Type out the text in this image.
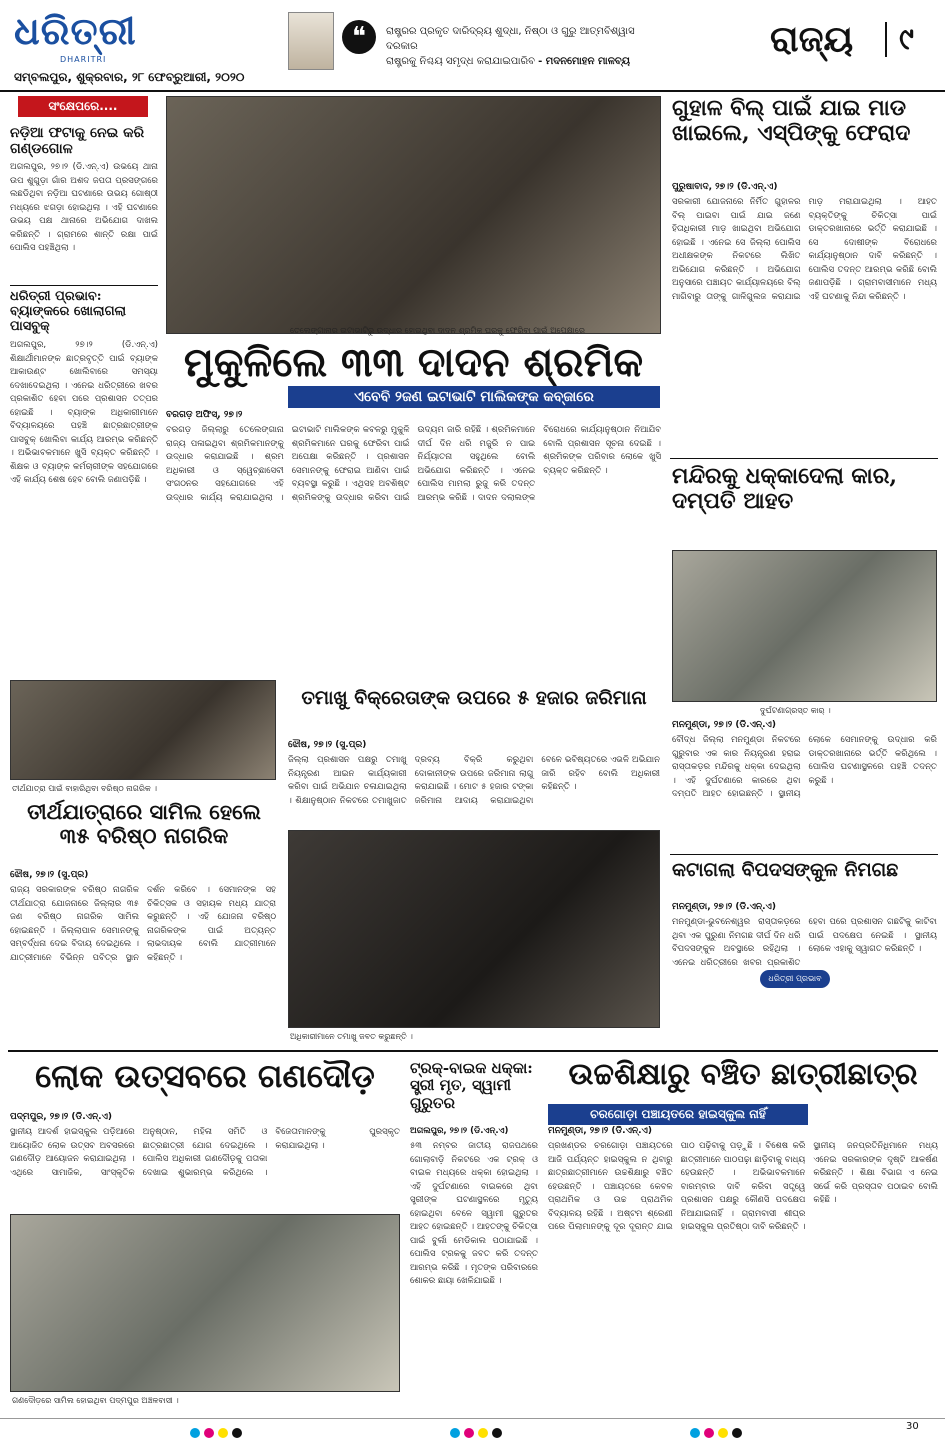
ଧରିତ୍ରୀ
DHARITRI
ସମ୍ବଲପୁର, ଶୁକ୍ରବାର, ୨୮ ଫେବ୍ରୁଆରୀ, ୨୦୨୦
❝	ରାଷ୍ଟ୍ରର ପ୍ରକୃତ ଦାରିଦ୍ର୍ୟ ଶୁଦ୍ଧା, ନିଷ୍ଠା ଓ ଗୁରୁ ଆତ୍ମବିଶ୍ୱାସ ଦରକାର
ରାଷ୍ଟ୍ରକୁ ନିଶ୍ଚୟ ସମୃଦ୍ଧ କରାଯାଇପାରିବ - ମଦନମୋହନ ମାଳବ୍ୟ
ରାଜ୍ୟ	୯
ସଂକ୍ଷେପରେ....
ନଡ଼ିଆ ଫଟାକୁ ନେଇ କରି ଗଣ୍ଡଗୋଳ
ଅଗଲପୁର, ୨୭।୨ (ଡି.ଏନ୍.ଏ) ଉଭୟେ ଥାନା ଉପ ଶୁଗୁଡ଼ା ଗାଁର ଅଶଦ ଜପତା ପ୍ରସଙ୍ଗରେ ଲଛଡିଥିବା ନଡ଼ିଆ ଘଟଣାରେ ଉଭୟ ଗୋଷ୍ଠୀ ମଧ୍ୟରେ ଝଗଡ଼ା ହୋଇଥିଲା । ଏହି ଘଟଣାରେ ଉଭୟ ପକ୍ଷ ଥାନାରେ ଅଭିଯୋଗ ଦାଖଲ କରିଛନ୍ତି । ଗ୍ରାମରେ ଶାନ୍ତି ରକ୍ଷା ପାଇଁ ପୋଲିସ ପହଞ୍ଚିଥିଲା ।
ଧରିତ୍ରୀ ପ୍ରଭାବ: ବ୍ୟାଙ୍କରେ ଖୋଲାଗଲା ପାସବୁକ୍
ଅଗଲପୁର, ୨୭।୨ (ଡି.ଏନ୍.ଏ) ଶିକ୍ଷାର୍ଥୀମାନଙ୍କ ଛାତ୍ରବୃତ୍ତି ପାଇଁ ବ୍ୟାଙ୍କ ଆକାଉଣ୍ଟ ଖୋଲିବାରେ ସମସ୍ୟା ଦେଖାଦେଇଥିଲା । ଏନେଇ ଧରିତ୍ରୀରେ ଖବର ପ୍ରକାଶିତ ହେବା ପରେ ପ୍ରଶାସନ ତତ୍ପର ହୋଇଛି । ବ୍ୟାଙ୍କ ଅଧିକାରୀମାନେ ବିଦ୍ୟାଳୟରେ ପହଞ୍ଚି ଛାତ୍ରଛାତ୍ରୀଙ୍କ ପାସବୁକ୍ ଖୋଲିବା କାର୍ଯ୍ୟ ଆରମ୍ଭ କରିଛନ୍ତି । ଅଭିଭାବକମାନେ ଖୁସି ବ୍ୟକ୍ତ କରିଛନ୍ତି । ଶିକ୍ଷକ ଓ ବ୍ୟାଙ୍କ କର୍ମଚାରୀଙ୍କ ସହଯୋଗରେ ଏହି କାର୍ଯ୍ୟ ଶେଷ ହେବ ବୋଲି ଜଣାପଡ଼ିଛି ।
ତେଲେଙ୍ଗାନାର ଇଟାଭାଟିରୁ ଉଦ୍ଧାର ହୋଇଥିବା ଦାଦନ ଶ୍ରମିକ ଘରକୁ ଫେରିବା ପାଇଁ ଅପେକ୍ଷାରେ
ମୁକୁଳିଲେ ୩୩ ଦାଦନ ଶ୍ରମିକ
ଏବେବି ୨ଜଣ ଇଟାଭାଟି ମାଲିକଙ୍କ କବ୍‌ଜାରେ
ବରଗଡ଼ ଅଫିସ୍, ୨୭।୨
ବରଗଡ଼ ଜିଲ୍ଲାରୁ ତେଲେଙ୍ଗାନା ରାଜ୍ୟ ପଳାଇଥିବା ଶ୍ରମିକମାନଙ୍କୁ ଉଦ୍ଧାର କରାଯାଇଛି । ଶ୍ରମ ଅଧିକାରୀ ଓ ସ୍ୱେଚ୍ଛାସେବୀ ସଂଗଠନର ସହଯୋଗରେ ଏହି ଉଦ୍ଧାର କାର୍ଯ୍ୟ କରାଯାଇଥିଲା । ଇଟାଭାଟି ମାଲିକଙ୍କ କବଳରୁ ମୁକୁଳି ଶ୍ରମିକମାନେ ଘରକୁ ଫେରିବା ପାଇଁ ଅପେକ୍ଷା କରିଛନ୍ତି । ପ୍ରଶାସନ ସେମାନଙ୍କୁ ଫେରାଇ ଆଣିବା ପାଇଁ ବ୍ୟବସ୍ଥା କରୁଛି । ଏଥିସହ ଅବଶିଷ୍ଟ ଶ୍ରମିକଙ୍କୁ ଉଦ୍ଧାର କରିବା ପାଇଁ ଉଦ୍ୟମ ଜାରି ରହିଛି । ଶ୍ରମିକମାନେ ଦୀର୍ଘ ଦିନ ଧରି ମଜୁରି ନ ପାଇ ନିର୍ଯ୍ୟାତନା ସହୁଥିଲେ ବୋଲି ଅଭିଯୋଗ କରିଛନ୍ତି । ଏନେଇ ପୋଲିସ ମାମଲା ରୁଜୁ କରି ତଦନ୍ତ ଆରମ୍ଭ କରିଛି । ଦାଦନ ଦଲାଲଙ୍କ ବିରୋଧରେ କାର୍ଯ୍ୟାନୁଷ୍ଠାନ ନିଆଯିବ ବୋଲି ପ୍ରଶାସନ ସୂଚନା ଦେଇଛି । ଶ୍ରମିକଙ୍କ ପରିବାର ଲୋକେ ଖୁସି ବ୍ୟକ୍ତ କରିଛନ୍ତି ।
ଗୁହାଳ ବିଲ୍ ପାଇଁ ଯାଇ ମାଡ ଖାଇଲେ, ଏସ୍‌ପିଙ୍କୁ ଫେରାଦ
ପୁରୁଷାବାଦ, ୨୭।୨ (ଡି.ଏନ୍.ଏ)
ସରକାରୀ ଯୋଜନାରେ ନିର୍ମିତ ଗୁହାଳର ବିଲ୍ ପାଇବା ପାଇଁ ଯାଇ ଜଣେ ହିତାଧିକାରୀ ମାଡ଼ ଖାଇଥିବା ଅଭିଯୋଗ ହୋଇଛି । ଏନେଇ ସେ ଜିଲ୍ଲା ପୋଲିସ ଅଧୀକ୍ଷକଙ୍କ ନିକଟରେ ଲିଖିତ ଅଭିଯୋଗ କରିଛନ୍ତି । ଅଭିଯୋଗ ଅନୁସାରେ ପଞ୍ଚାୟତ କାର୍ଯ୍ୟାଳୟରେ ବିଲ୍ ମାଗିବାରୁ ତାଙ୍କୁ ଗାଳିଗୁଲଜ କରାଯାଇ ମାଡ଼ ମରାଯାଇଥିଲା । ଆହତ ବ୍ୟକ୍ତିଙ୍କୁ ଚିକିତ୍ସା ପାଇଁ ଡାକ୍ତରଖାନାରେ ଭର୍ତ୍ତି କରାଯାଇଛି । ସେ ଦୋଷୀଙ୍କ ବିରୋଧରେ କାର୍ଯ୍ୟାନୁଷ୍ଠାନ ଦାବି କରିଛନ୍ତି । ପୋଲିସ ତଦନ୍ତ ଆରମ୍ଭ କରିଛି ବୋଲି ଜଣାପଡ଼ିଛି । ଗ୍ରାମବାସୀମାନେ ମଧ୍ୟ ଏହି ଘଟଣାକୁ ନିନ୍ଦା କରିଛନ୍ତି ।
ମନ୍ଦିରକୁ ଧକ୍କାଦେଲା କାର, ଦମ୍ପତି ଆହତ
ଦୁର୍ଘଟଣାଗ୍ରସ୍ତ କାର୍ ।
ମନମୁଣ୍ଡା, ୨୭।୨ (ଡି.ଏନ୍.ଏ)
ବୌଦ୍ଧ ଜିଲ୍ଲା ମନମୁଣ୍ଡା ନିକଟରେ ଗୁରୁବାର ଏକ କାର ନିୟନ୍ତ୍ରଣ ହରାଇ ରାସ୍ତାକଡ଼ର ମନ୍ଦିରକୁ ଧକ୍କା ଦେଇଥିଲା । ଏହି ଦୁର୍ଘଟଣାରେ କାରରେ ଥିବା ଦମ୍ପତି ଆହତ ହୋଇଛନ୍ତି । ସ୍ଥାନୀୟ ଲୋକେ ସେମାନଙ୍କୁ ଉଦ୍ଧାର କରି ଡାକ୍ତରଖାନାରେ ଭର୍ତ୍ତି କରିଥିଲେ । ପୋଲିସ ଘଟଣାସ୍ଥଳରେ ପହଞ୍ଚି ତଦନ୍ତ କରୁଛି ।
ତୀର୍ଥଯାତ୍ରା ପାଇଁ ବାହାରିଥିବା ବରିଷ୍ଠ ନାଗରିକ ।
ତୀର୍ଥଯାତ୍ରାରେ ସାମିଲ ହେଲେ ୩୫ ବରିଷ୍ଠ ନାଗରିକ
ଝୌଷ, ୨୭।୨ (ସୁ.ପ୍ର)
ରାଜ୍ୟ ସରକାରଙ୍କ ବରିଷ୍ଠ ନାଗରିକ ତୀର୍ଥଯାତ୍ରା ଯୋଜନାରେ ଜିଲ୍ଲାର ୩୫ ଜଣ ବରିଷ୍ଠ ନାଗରିକ ସାମିଲ ହୋଇଛନ୍ତି । ଜିଲ୍ଲାପାଳ ସେମାନଙ୍କୁ ସମ୍ବର୍ଦ୍ଧନା ଦେଇ ବିଦାୟ ଦେଇଥିଲେ । ଯାତ୍ରୀମାନେ ବିଭିନ୍ନ ପବିତ୍ର ସ୍ଥାନ ଦର୍ଶନ କରିବେ । ସେମାନଙ୍କ ସହ ଚିକିତ୍ସକ ଓ ସହାୟକ ମଧ୍ୟ ଯାତ୍ରା କରୁଛନ୍ତି । ଏହି ଯୋଜନା ବରିଷ୍ଠ ନାଗରିକଙ୍କ ପାଇଁ ଅତ୍ୟନ୍ତ ଲାଭଦାୟକ ବୋଲି ଯାତ୍ରୀମାନେ କହିଛନ୍ତି ।
ତମାଖୁ ବିକ୍ରେତାଙ୍କ ଉପରେ ୫ ହଜାର ଜରିମାନା
ଝୌଷ, ୨୭।୨ (ସୁ.ପ୍ର)
ଜିଲ୍ଲା ପ୍ରଶାସନ ପକ୍ଷରୁ ତମାଖୁ ନିୟନ୍ତ୍ରଣ ଆଇନ କାର୍ଯ୍ୟକାରୀ କରିବା ପାଇଁ ଅଭିଯାନ ଚଳାଯାଇଥିଲା । ଶିକ୍ଷାନୁଷ୍ଠାନ ନିକଟରେ ତମାଖୁଜାତ ଦ୍ରବ୍ୟ ବିକ୍ରି କରୁଥିବା ଦୋକାନୀଙ୍କ ଉପରେ ଜରିମାନା ଲାଗୁ କରାଯାଇଛି । ମୋଟ ୫ ହଜାର ଟଙ୍କା ଜରିମାନା ଆଦାୟ କରାଯାଇଥିବା ବେଳେ ଭବିଷ୍ୟତରେ ଏଭଳି ଅଭିଯାନ ଜାରି ରହିବ ବୋଲି ଅଧିକାରୀ କହିଛନ୍ତି ।
ଅଧିକାରୀମାନେ ତମାଖୁ ଜବତ କରୁଛନ୍ତି ।
କଟାଗଲା ବିପଦସଙ୍କୁଳ ନିମଗଛ
ମନମୁଣ୍ଡା, ୨୭।୨ (ଡି.ଏନ୍.ଏ)
ମନମୁଣ୍ଡା-ଭୁବନେଶ୍ୱର ରାସ୍ତାକଡ଼ରେ ଥିବା ଏକ ପୁରୁଣା ନିମଗଛ ଦୀର୍ଘ ଦିନ ଧରି ବିପଦସଙ୍କୁଳ ଅବସ୍ଥାରେ ରହିଥିଲା । ଏନେଇ ଧରିତ୍ରୀରେ ଖବର ପ୍ରକାଶିତ ହେବା ପରେ ପ୍ରଶାସନ ଗଛଟିକୁ କାଟିବା ପାଇଁ ପଦକ୍ଷେପ ନେଇଛି । ସ୍ଥାନୀୟ ଲୋକେ ଏହାକୁ ସ୍ୱାଗତ କରିଛନ୍ତି ।
ଧରିତ୍ରୀ ପ୍ରଭାବ
ଲୋକ ଉତ୍ସବରେ ଗଣଦୌଡ଼
ପଦ୍ମପୁର, ୨୭।୨ (ଡି.ଏନ୍.ଏ)
ସ୍ଥାନୀୟ ଆଦର୍ଶ ହାଇସ୍କୁଲ ପଡ଼ିଆରେ ଆୟୋଜିତ ଲୋକ ଉତ୍ସବ ଅବସରରେ ଗଣଦୌଡ଼ ଆୟୋଜନ କରାଯାଇଥିଲା । ଏଥିରେ ସାମାଜିକ, ସାଂସ୍କୃତିକ ଅନୁଷ୍ଠାନ, ମହିଳା ସମିତି ଓ ଛାତ୍ରଛାତ୍ରୀ ଯୋଗ ଦେଇଥିଲେ । ପୋଲିସ ଅଧିକାରୀ ଗଣଦୌଡ଼କୁ ପତାକା ଦେଖାଇ ଶୁଭାରମ୍ଭ କରିଥିଲେ । ବିଜେତାମାନଙ୍କୁ ପୁରସ୍କୃତ କରାଯାଇଥିଲା ।
ଗଣଦୌଡ଼ରେ ସାମିଲ ହୋଇଥିବା ପଦ୍ମପୁର ଅଞ୍ଚଳବାସୀ ।
ଟ୍ରକ୍-ବାଇକ ଧକ୍କା: ସ୍ତ୍ରୀ ମୃତ, ସ୍ୱାମୀ ଗୁରୁତର
ଅଗଲପୁର, ୨୭।୨ (ଡି.ଏନ୍.ଏ)
୫୩ ନମ୍ବର ଜାତୀୟ ରାଜପଥରେ ଗୋଲାବାଡ଼ି ନିକଟରେ ଏକ ଟ୍ରକ୍ ଓ ବାଇକ ମଧ୍ୟରେ ଧକ୍କା ହୋଇଥିଲା । ଏହି ଦୁର୍ଘଟଣାରେ ବାଇକରେ ଥିବା ସ୍ତ୍ରୀଙ୍କ ଘଟଣାସ୍ଥଳରେ ମୃତ୍ୟୁ ହୋଇଥିବା ବେଳେ ସ୍ୱାମୀ ଗୁରୁତର ଆହତ ହୋଇଛନ୍ତି । ଆହତଙ୍କୁ ଚିକିତ୍ସା ପାଇଁ ବୁର୍ଲା ମେଡିକାଲ ପଠାଯାଇଛି । ପୋଲିସ ଟ୍ରକକୁ ଜବତ କରି ତଦନ୍ତ ଆରମ୍ଭ କରିଛି । ମୃତଙ୍କ ପରିବାରରେ ଶୋକର ଛାୟା ଖେଳିଯାଇଛି ।
ଉଚ୍ଚଶିକ୍ଷାରୁ ବଞ୍ଚିତ ଛାତ୍ରୀଛାତ୍ର
ଚରଗୋଡ଼ା ପଞ୍ଚାୟତରେ ହାଇସ୍କୁଲ ନାହିଁ
ମନମୁଣ୍ଡା, ୨୭।୨ (ଡି.ଏନ୍.ଏ)
ପ୍ରଖଣ୍ଡର ଚରଗୋଡ଼ା ପଞ୍ଚାୟତରେ ଆଜି ପର୍ଯ୍ୟନ୍ତ ହାଇସ୍କୁଲ ନ ଥିବାରୁ ଛାତ୍ରଛାତ୍ରୀମାନେ ଉଚ୍ଚଶିକ୍ଷାରୁ ବଞ୍ଚିତ ହେଉଛନ୍ତି । ପଞ୍ଚାୟତରେ କେବଳ ପ୍ରାଥମିକ ଓ ଉଚ୍ଚ ପ୍ରାଥମିକ ବିଦ୍ୟାଳୟ ରହିଛି । ଅଷ୍ଟମ ଶ୍ରେଣୀ ପରେ ପିଲାମାନଙ୍କୁ ଦୂର ଦୂରାନ୍ତ ଯାଇ ପାଠ ପଢ଼ିବାକୁ ପଡ଼ୁଛି । ବିଶେଷ କରି ଛାତ୍ରୀମାନେ ପାଠପଢ଼ା ଛାଡ଼ିବାକୁ ବାଧ୍ୟ ହେଉଛନ୍ତି । ଅଭିଭାବକମାନେ ବାରମ୍ବାର ଦାବି କରିବା ସତ୍ତ୍ୱେ ପ୍ରଶାସନ ପକ୍ଷରୁ କୌଣସି ପଦକ୍ଷେପ ନିଆଯାଇନାହିଁ । ଗ୍ରାମବାସୀ ଶୀଘ୍ର ହାଇସ୍କୁଲ ପ୍ରତିଷ୍ଠା ଦାବି କରିଛନ୍ତି । ସ୍ଥାନୀୟ ଜନପ୍ରତିନିଧିମାନେ ମଧ୍ୟ ଏନେଇ ସରକାରଙ୍କ ଦୃଷ୍ଟି ଆକର୍ଷଣ କରିଛନ୍ତି । ଶିକ୍ଷା ବିଭାଗ ଏ ନେଇ ସର୍ଭେ କରି ପ୍ରସ୍ତାବ ପଠାଇବ ବୋଲି କହିଛି ।
30
